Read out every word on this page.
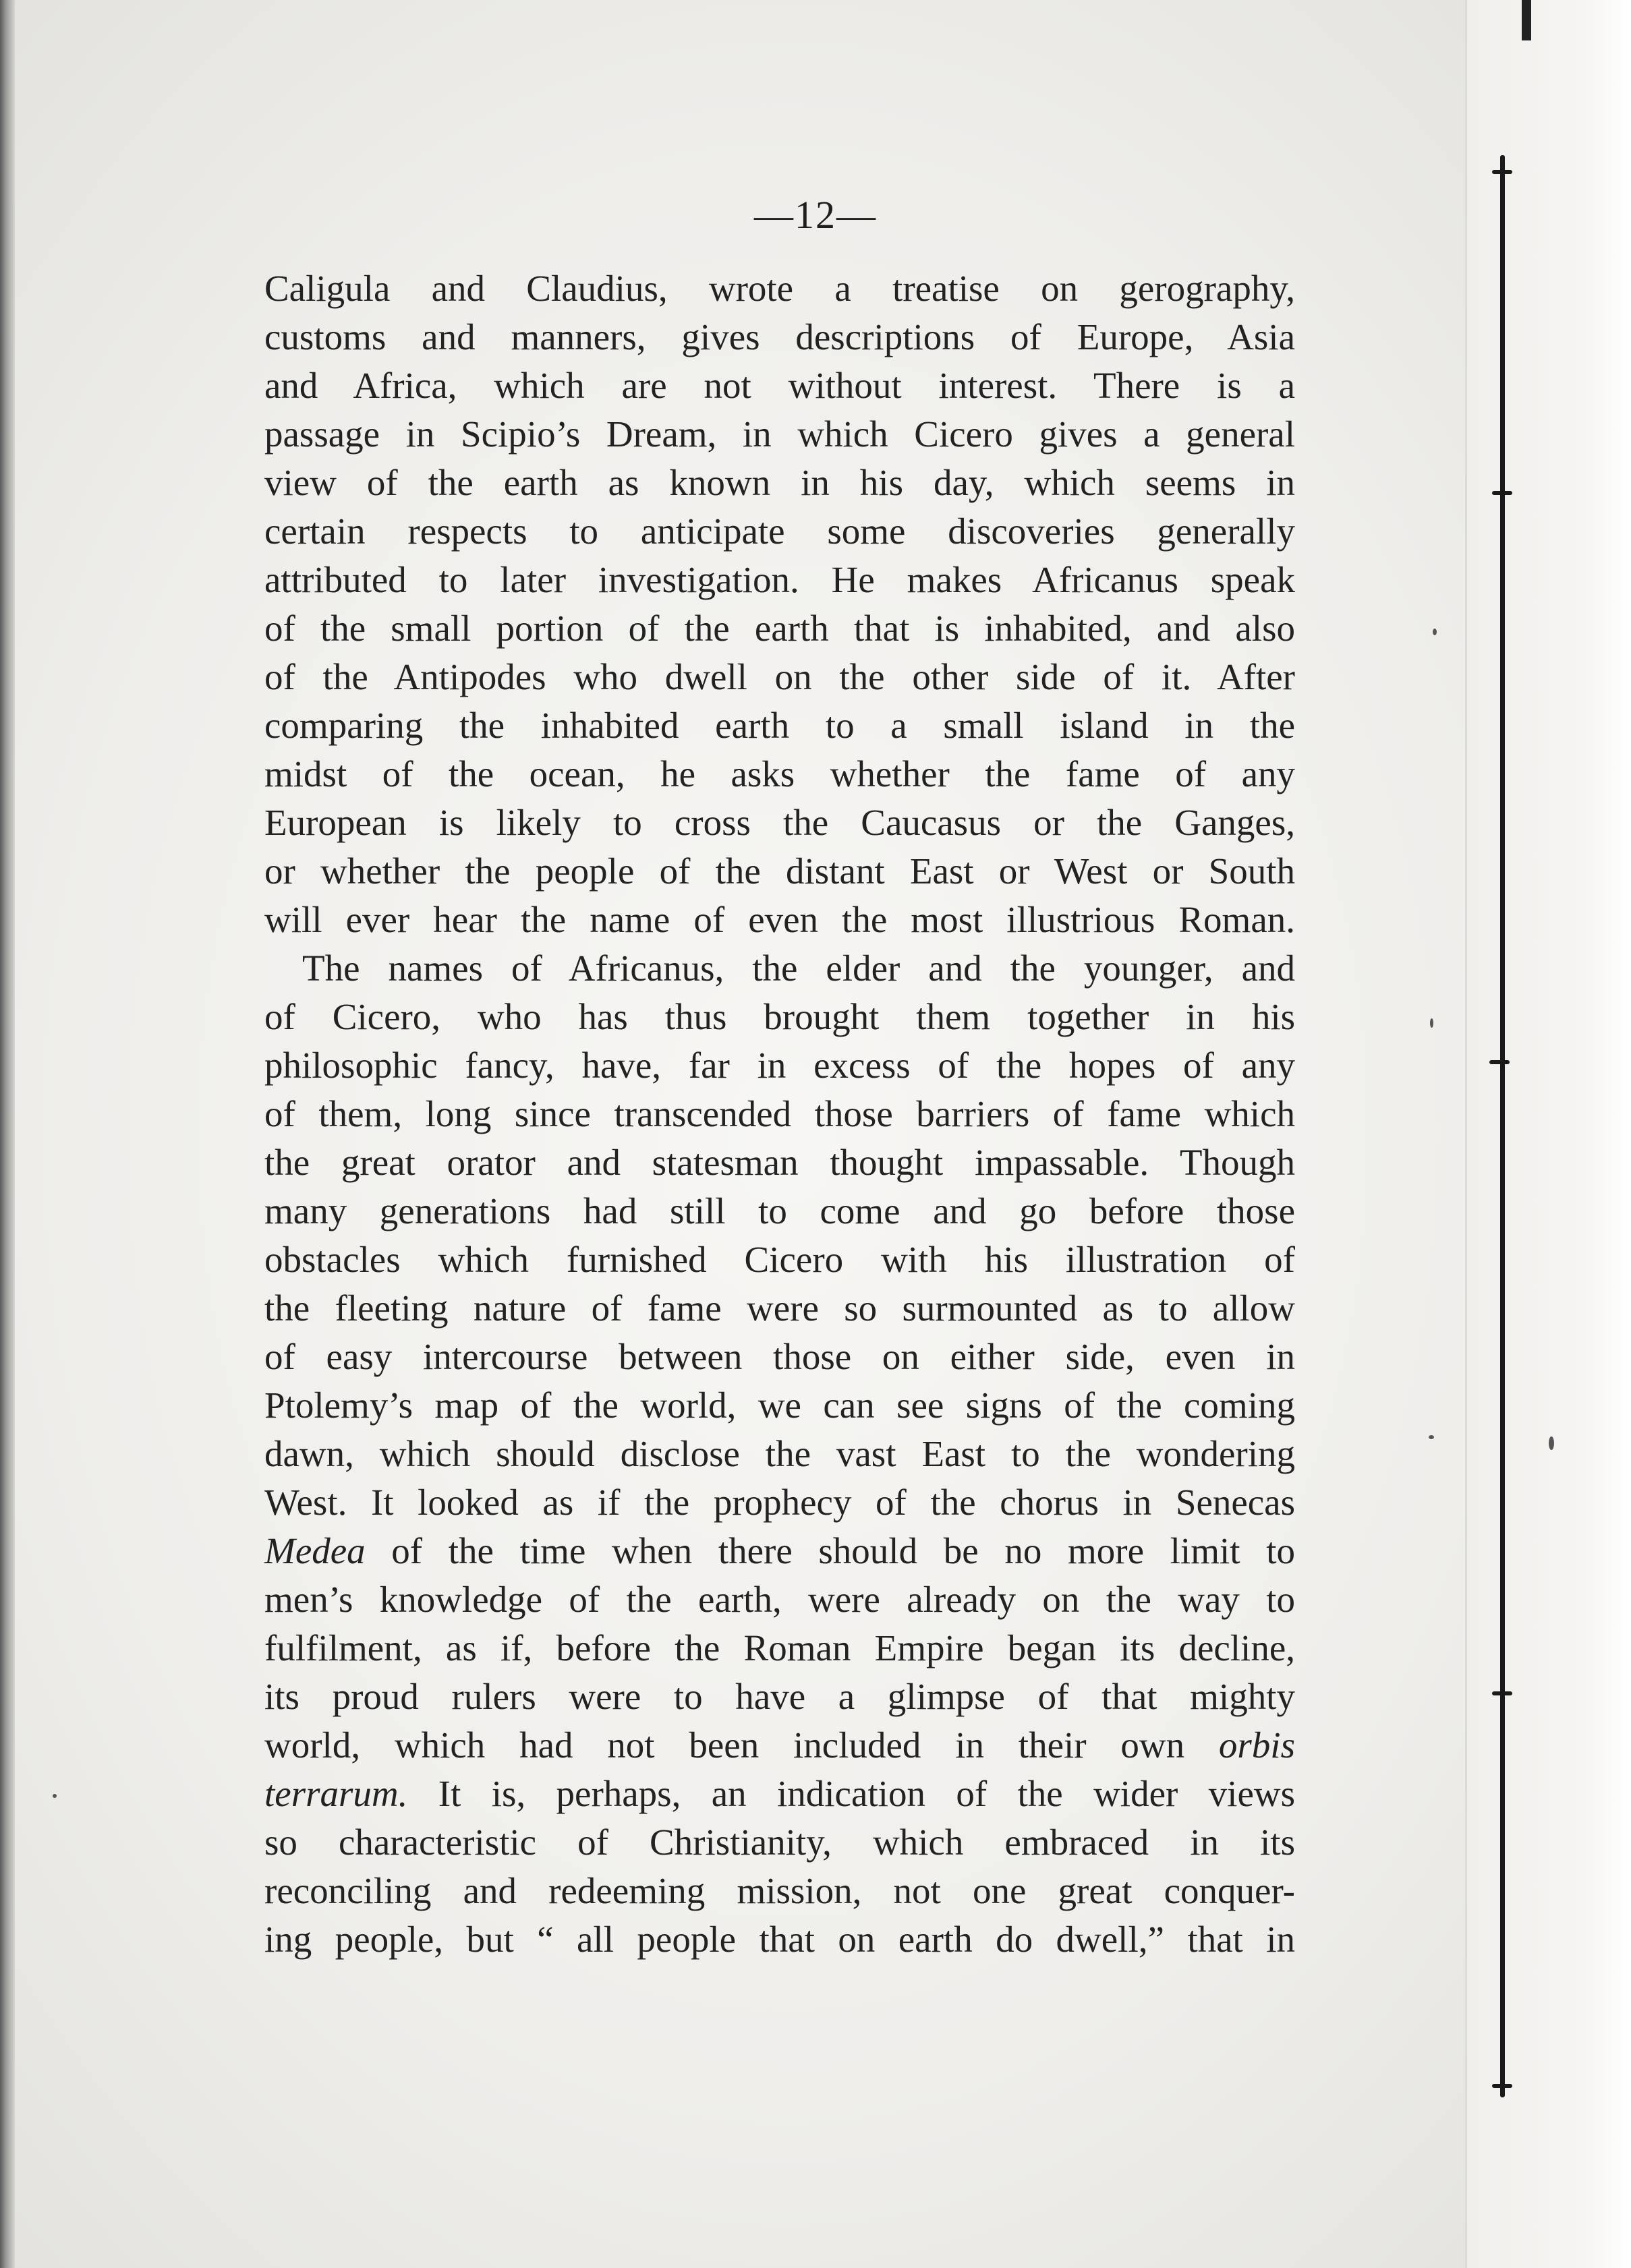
—12—
Caligula and Claudius, wrote a treatise on gerography,
customs and manners, gives descriptions of Europe, Asia
and Africa, which are not without interest. There is a
passage in Scipio’s Dream, in which Cicero gives a general
view of the earth as known in his day, which seems in
certain respects to anticipate some discoveries generally
attributed to later investigation. He makes Africanus speak
of the small portion of the earth that is inhabited, and also
of the Antipodes who dwell on the other side of it. After
comparing the inhabited earth to a small island in the
midst of the ocean, he asks whether the fame of any
European is likely to cross the Caucasus or the Ganges,
or whether the people of the distant East or West or South
will ever hear the name of even the most illustrious Roman.
The names of Africanus, the elder and the younger, and
of Cicero, who has thus brought them together in his
philosophic fancy, have, far in excess of the hopes of any
of them, long since transcended those barriers of fame which
the great orator and statesman thought impassable. Though
many generations had still to come and go before those
obstacles which furnished Cicero with his illustration of
the fleeting nature of fame were so surmounted as to allow
of easy intercourse between those on either side, even in
Ptolemy’s map of the world, we can see signs of the coming
dawn, which should disclose the vast East to the wondering
West. It looked as if the prophecy of the chorus in Senecas
Medea of the time when there should be no more limit to
men’s knowledge of the earth, were already on the way to
fulfilment, as if, before the Roman Empire began its decline,
its proud rulers were to have a glimpse of that mighty
world, which had not been included in their own orbis
terrarum. It is, perhaps, an indication of the wider views
so characteristic of Christianity, which embraced in its
reconciling and redeeming mission, not one great conquer-
ing people, but “ all people that on earth do dwell,” that in
